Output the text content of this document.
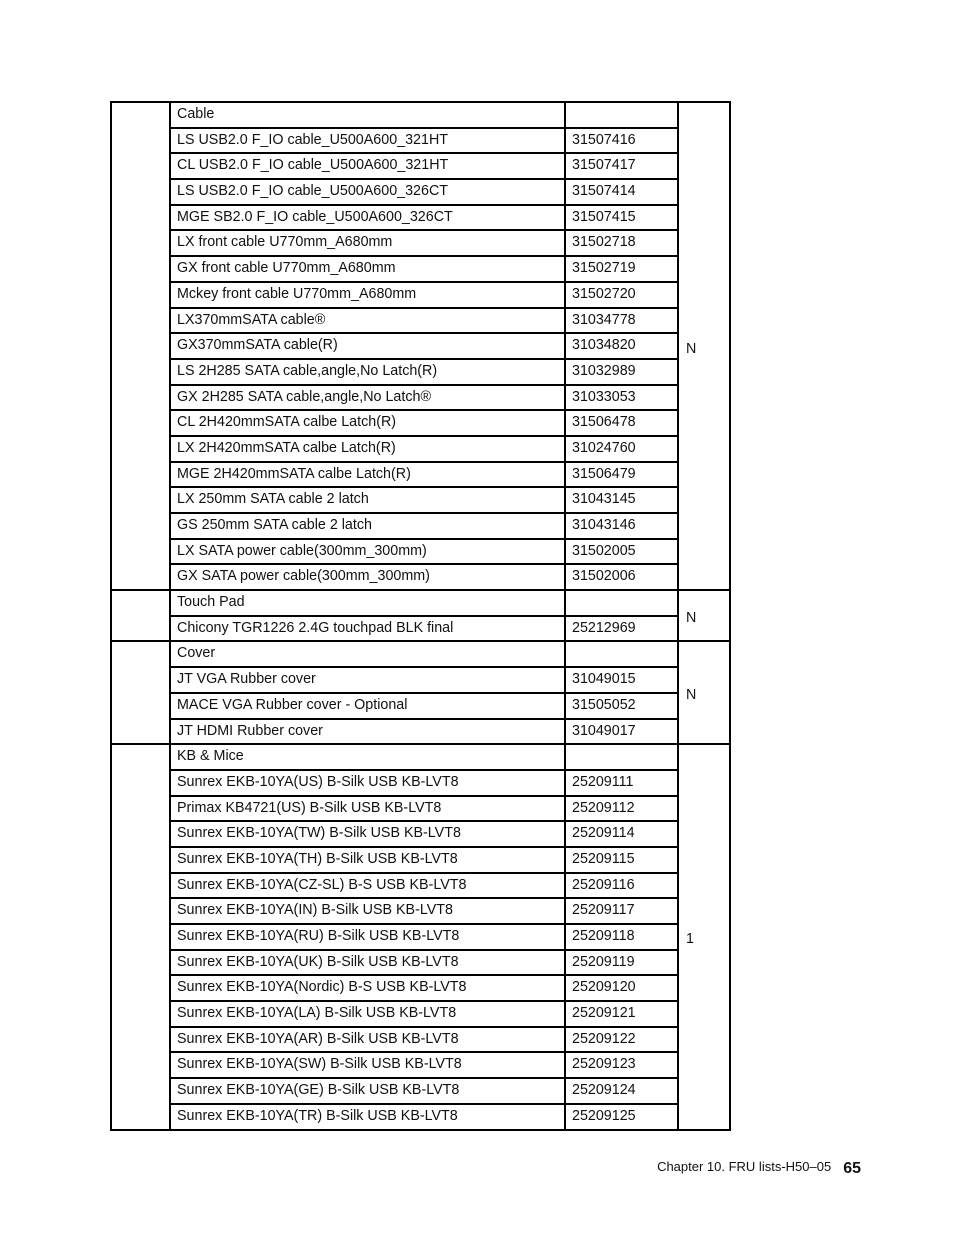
	Cable		N

	LS USB2.0 F_IO cable_U500A600_321HT	31507416	

	CL USB2.0 F_IO cable_U500A600_321HT	31507417	

	LS USB2.0 F_IO cable_U500A600_326CT	31507414	

	MGE SB2.0 F_IO cable_U500A600_326CT	31507415	

	LX front cable U770mm_A680mm	31502718	

	GX front cable U770mm_A680mm	31502719	

	Mckey front cable U770mm_A680mm	31502720	

	LX370mmSATA cable®	31034778	

	GX370mmSATA cable(R)	31034820	

	LS 2H285 SATA cable,angle,No Latch(R)	31032989	

	GX 2H285 SATA cable,angle,No Latch®	31033053	

	CL 2H420mmSATA calbe Latch(R)	31506478	

	LX 2H420mmSATA calbe Latch(R)	31024760	

	MGE 2H420mmSATA calbe Latch(R)	31506479	

	LX 250mm SATA cable 2 latch	31043145	

	GS 250mm SATA cable 2 latch	31043146	

	LX SATA power cable(300mm_300mm)	31502005	

	GX SATA power cable(300mm_300mm)	31502006	

	Touch Pad		N

	Chicony TGR1226 2.4G touchpad BLK final	25212969	

	Cover		N

	JT VGA Rubber cover	31049015	

	MACE VGA Rubber cover - Optional	31505052	

	JT HDMI Rubber cover	31049017	

	KB & Mice		1

	Sunrex EKB-10YA(US) B-Silk USB KB-LVT8	25209111	

	Primax KB4721(US) B-Silk USB KB-LVT8	25209112	

	Sunrex EKB-10YA(TW) B-Silk USB KB-LVT8	25209114	

	Sunrex EKB-10YA(TH) B-Silk USB KB-LVT8	25209115	

	Sunrex EKB-10YA(CZ-SL) B-S USB KB-LVT8	25209116	

	Sunrex EKB-10YA(IN) B-Silk USB KB-LVT8	25209117	

	Sunrex EKB-10YA(RU) B-Silk USB KB-LVT8	25209118	

	Sunrex EKB-10YA(UK) B-Silk USB KB-LVT8	25209119	

	Sunrex EKB-10YA(Nordic) B-S USB KB-LVT8	25209120	

	Sunrex EKB-10YA(LA) B-Silk USB KB-LVT8	25209121	

	Sunrex EKB-10YA(AR) B-Silk USB KB-LVT8	25209122	

	Sunrex EKB-10YA(SW) B-Silk USB KB-LVT8	25209123	

	Sunrex EKB-10YA(GE) B-Silk USB KB-LVT8	25209124	

	Sunrex EKB-10YA(TR) B-Silk USB KB-LVT8	25209125	
Chapter 10. FRU lists-H50–05 65
